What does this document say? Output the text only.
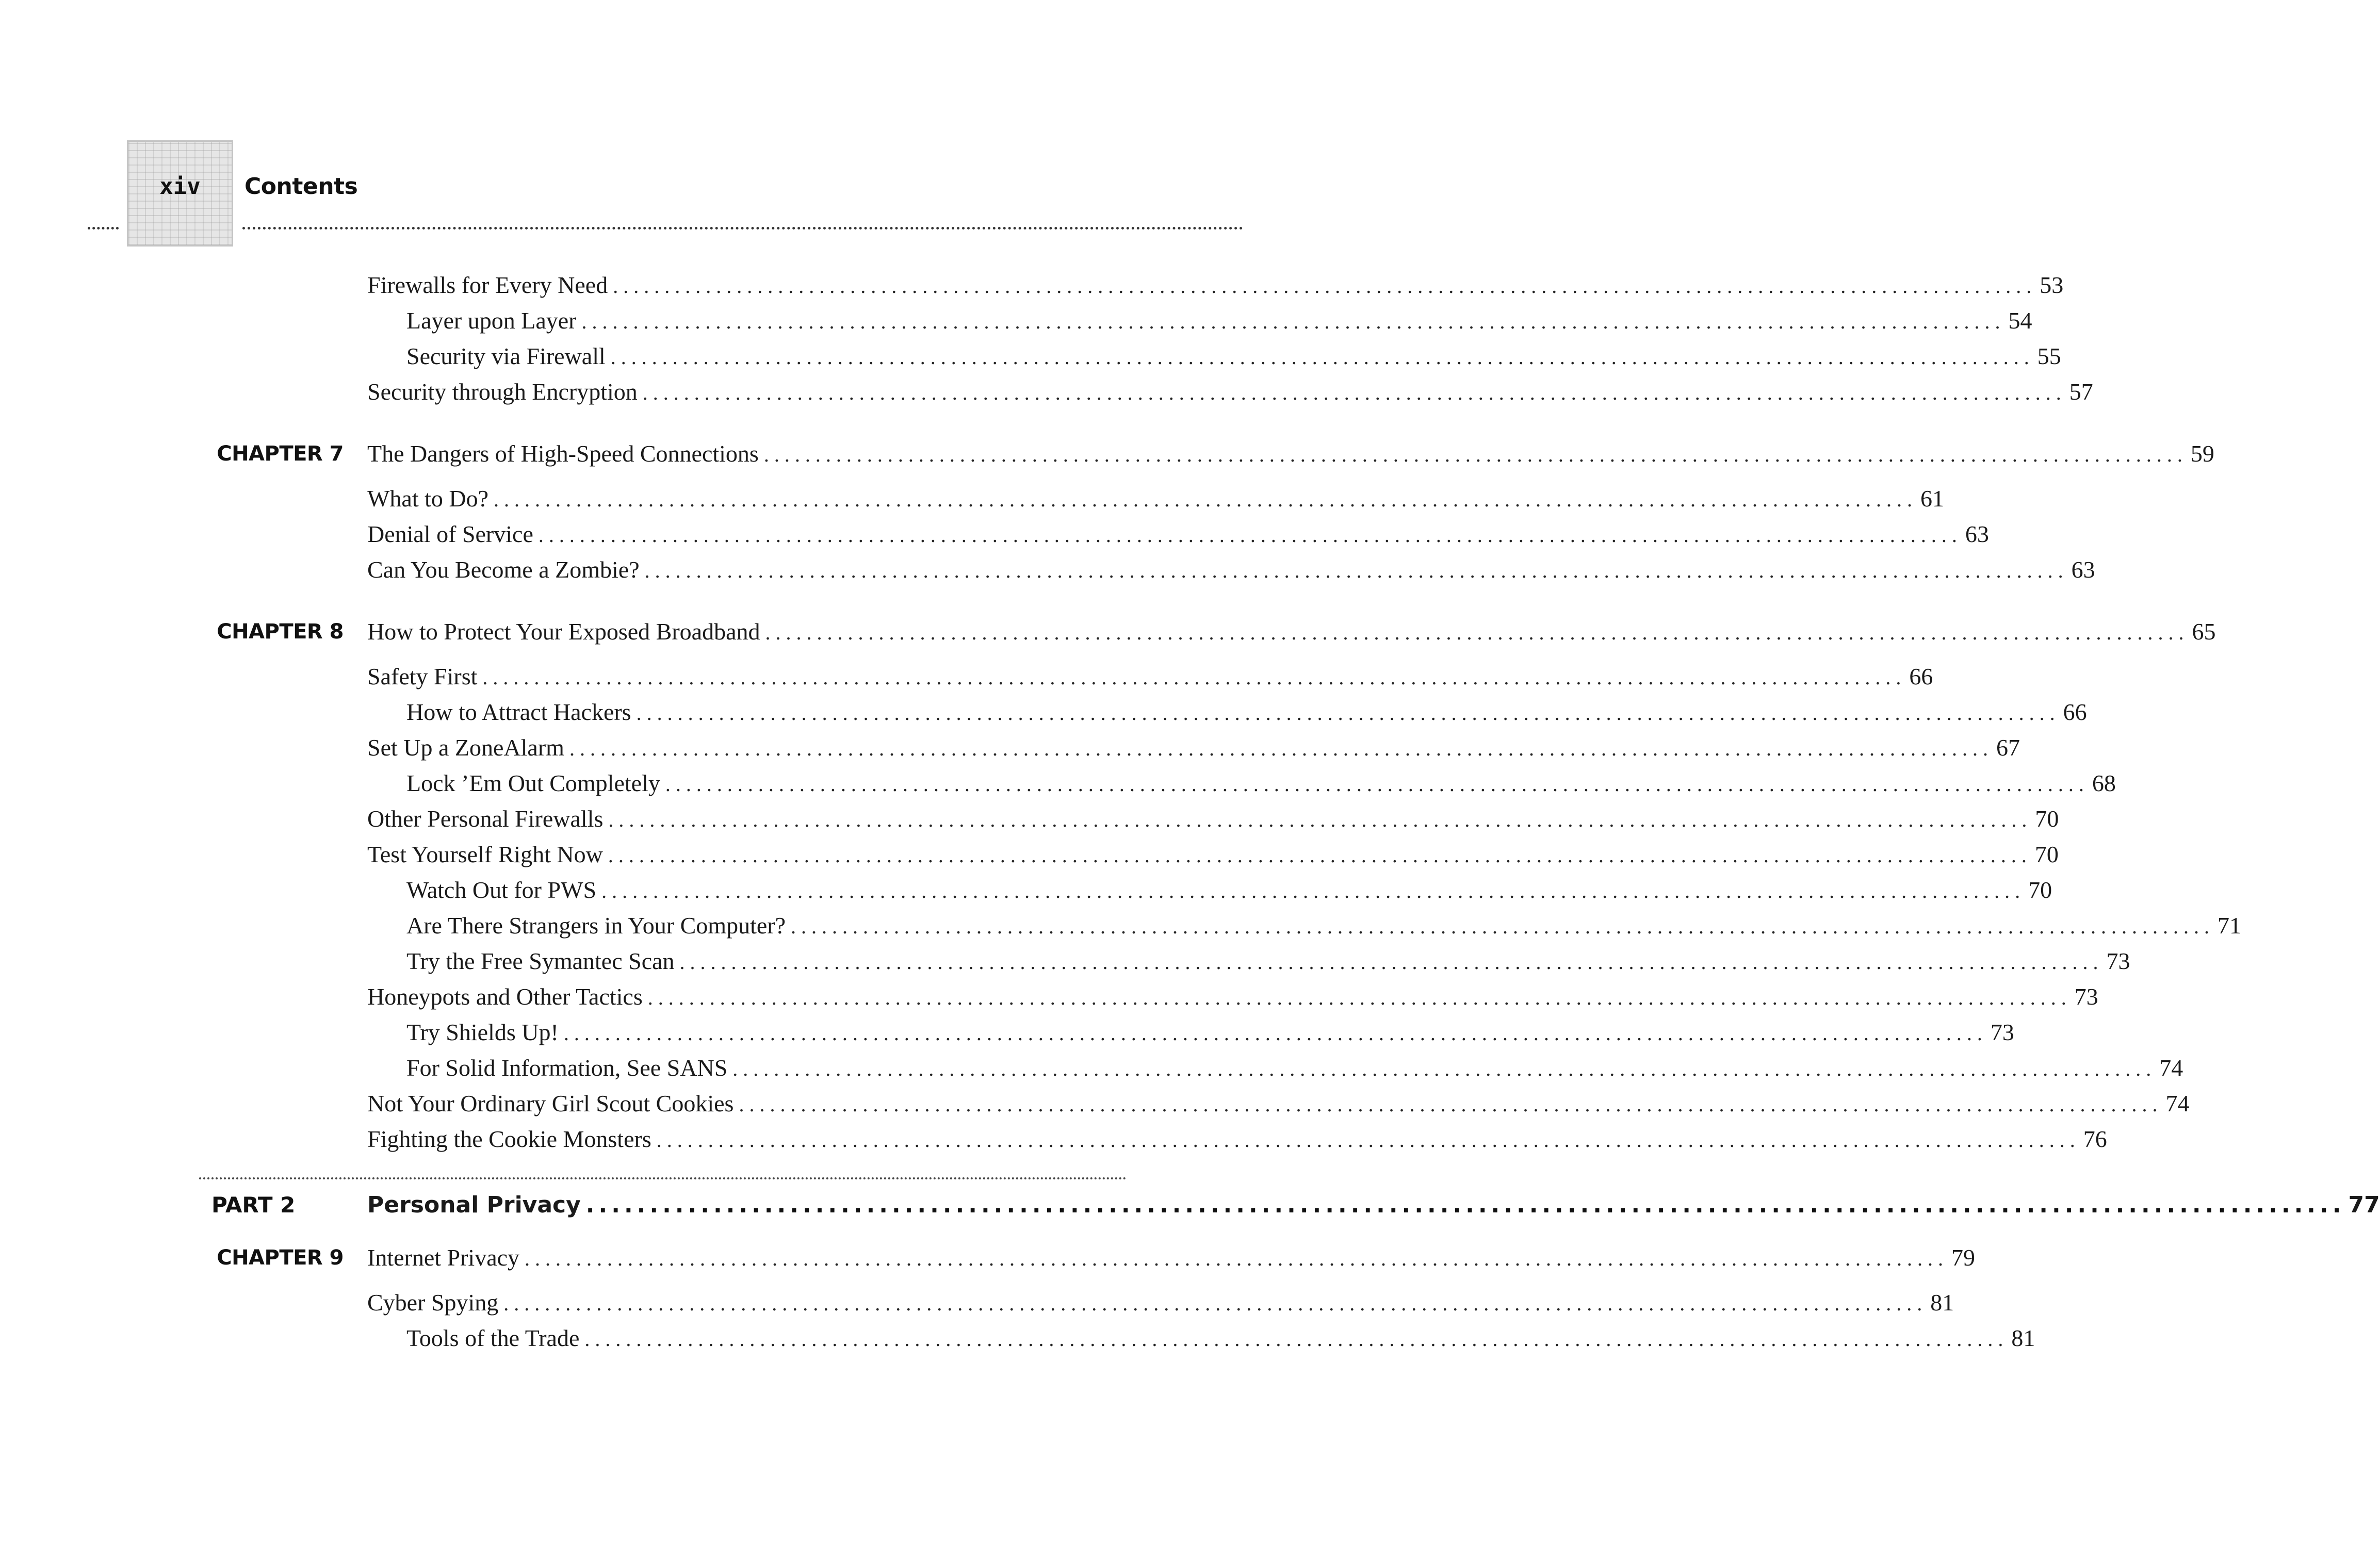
xiv	Contents
Firewalls for Every Need .......................................................................................................................................... 53
Layer upon Layer .......................................................................................................................................... 54
Security via Firewall .......................................................................................................................................... 55
Security through Encryption .......................................................................................................................................... 57
CHAPTER 7 The Dangers of High-Speed Connections .......................................................................................................................................... 59
What to Do? .......................................................................................................................................... 61
Denial of Service .......................................................................................................................................... 63
Can You Become a Zombie? .......................................................................................................................................... 63
CHAPTER 8 How to Protect Your Exposed Broadband .......................................................................................................................................... 65
Safety First .......................................................................................................................................... 66
How to Attract Hackers .......................................................................................................................................... 66
Set Up a ZoneAlarm .......................................................................................................................................... 67
Lock ’Em Out Completely .......................................................................................................................................... 68
Other Personal Firewalls .......................................................................................................................................... 70
Test Yourself Right Now .......................................................................................................................................... 70
Watch Out for PWS .......................................................................................................................................... 70
Are There Strangers in Your Computer? .......................................................................................................................................... 71
Try the Free Symantec Scan .......................................................................................................................................... 73
Honeypots and Other Tactics .......................................................................................................................................... 73
Try Shields Up! .......................................................................................................................................... 73
For Solid Information, See SANS .......................................................................................................................................... 74
Not Your Ordinary Girl Scout Cookies .......................................................................................................................................... 74
Fighting the Cookie Monsters .......................................................................................................................................... 76
PART 2	Personal Privacy .......................................................................................................................................... 77
CHAPTER 9 Internet Privacy .......................................................................................................................................... 79
Cyber Spying .......................................................................................................................................... 81
Tools of the Trade .......................................................................................................................................... 81
